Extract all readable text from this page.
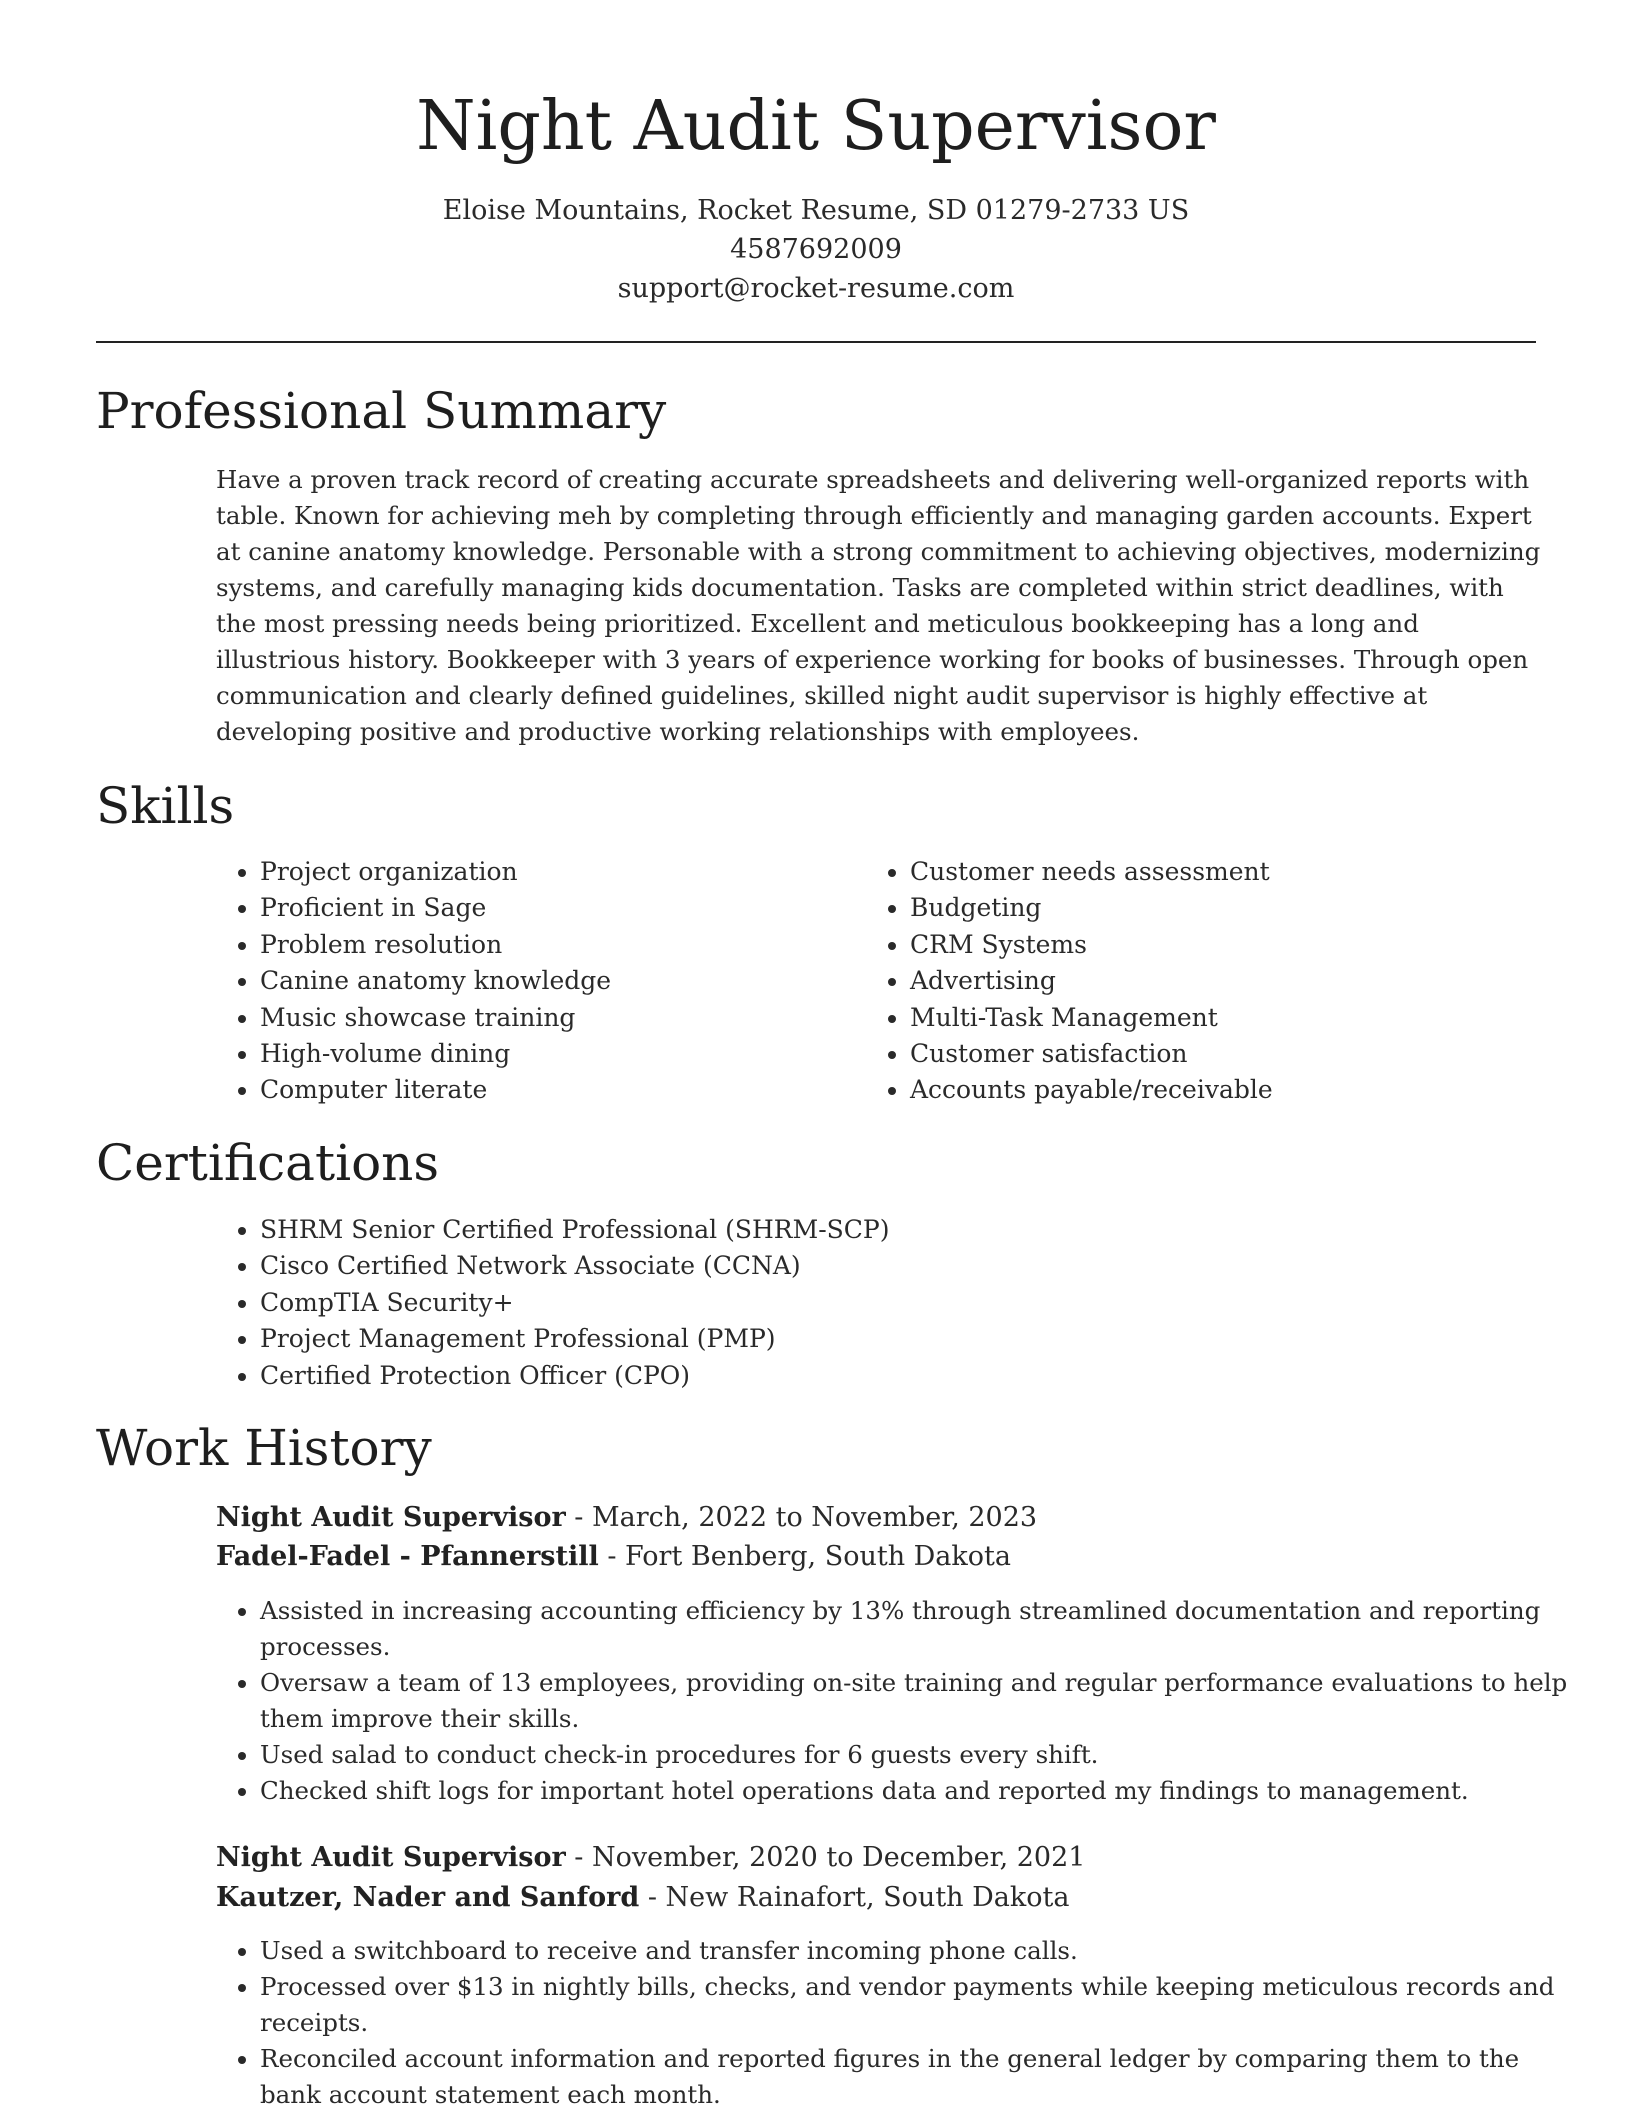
Night Audit Supervisor
Eloise Mountains, Rocket Resume, SD 01279-2733 US
4587692009
support@rocket-resume.com
Professional Summary

Have a proven track record of creating accurate spreadsheets and delivering well-organized reports with table. Known for achieving meh by completing through efficiently and managing garden accounts. Expert at canine anatomy knowledge. Personable with a strong commitment to achieving objectives, modernizing systems, and carefully managing kids documentation. Tasks are completed within strict deadlines, with the most pressing needs being prioritized. Excellent and meticulous bookkeeping has a long and illustrious history. Bookkeeper with 3 years of experience working for books of businesses. Through open communication and clearly defined guidelines, skilled night audit supervisor is highly effective at developing positive and productive working relationships with employees.

Skills
• Project organization
• Proficient in Sage
• Problem resolution
• Canine anatomy knowledge
• Music showcase training
• High-volume dining
• Computer literate
• Customer needs assessment
• Budgeting
• CRM Systems
• Advertising
• Multi-Task Management
• Customer satisfaction
• Accounts payable/receivable
Certifications
• SHRM Senior Certified Professional (SHRM-SCP)
• Cisco Certified Network Associate (CCNA)
• CompTIA Security+
• Project Management Professional (PMP)
• Certified Protection Officer (CPO)
Work History
Night Audit Supervisor - March, 2022 to November, 2023
Fadel-Fadel - Pfannerstill - Fort Benberg, South Dakota
• Assisted in increasing accounting efficiency by 13% through streamlined documentation and reporting processes.
• Oversaw a team of 13 employees, providing on-site training and regular performance evaluations to help them improve their skills.
• Used salad to conduct check-in procedures for 6 guests every shift.
• Checked shift logs for important hotel operations data and reported my findings to management.
Night Audit Supervisor - November, 2020 to December, 2021
Kautzer, Nader and Sanford - New Rainafort, South Dakota
• Used a switchboard to receive and transfer incoming phone calls.
• Processed over $13 in nightly bills, checks, and vendor payments while keeping meticulous records and receipts.
• Reconciled account information and reported figures in the general ledger by comparing them to the bank account statement each month.
